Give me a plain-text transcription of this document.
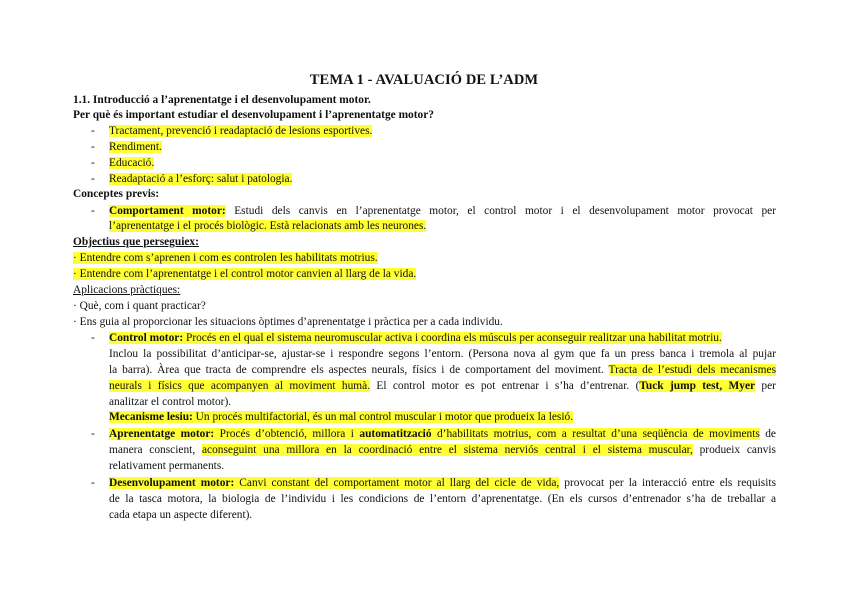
TEMA 1 - AVALUACIÓ DE L’ADM
1.1. Introducció a l’aprenentatge i el desenvolupament motor.
Per què és important estudiar el desenvolupament i l’aprenentatge motor?
- Tractament, prevenció i readaptació de lesions esportives.
- Rendiment.
- Educació.
- Readaptació a l’esforç: salut i patologia.
Conceptes previs:
- Comportament motor: Estudi dels canvis en l’aprenentatge motor, el control motor i el desenvolupament motor provocat per
l’aprenentatge i el procés biològic. Està relacionats amb les neurones.
Objectius que perseguiex:
· Entendre com s’aprenen i com es controlen les habilitats motrius.
· Entendre com l’aprenentatge i el control motor canvien al llarg de la vida.
Aplicacions pràctiques:
· Què, com i quant practicar?
· Ens guia al proporcionar les situacions òptimes d’aprenentatge i pràctica per a cada individu.
- Control motor: Procés en el qual el sistema neuromuscular activa i coordina els músculs per aconseguir realitzar una habilitat motriu.
Inclou la possibilitat d’anticipar-se, ajustar-se i respondre segons l’entorn. (Persona nova al gym que fa un press banca i tremola al pujar
la barra). Àrea que tracta de comprendre els aspectes neurals, físics i de comportament del moviment. Tracta de l’estudi dels mecanismes
neurals i físics que acompanyen al moviment humà. El control motor es pot entrenar i s’ha d’entrenar. (Tuck jump test, Myer per
analitzar el control motor).
Mecanisme lesiu: Un procés multifactorial, és un mal control muscular i motor que produeix la lesió.
- Aprenentatge motor: Procés d’obtenció, millora i automatització d’habilitats motrius, com a resultat d’una seqüència de moviments de
manera conscient, aconseguint una millora en la coordinació entre el sistema nerviós central i el sistema muscular, produeix canvis
relativament permanents.
- Desenvolupament motor: Canvi constant del comportament motor al llarg del cicle de vida, provocat per la interacció entre els requisits
de la tasca motora, la biologia de l’individu i les condicions de l’entorn d’aprenentatge. (En els cursos d’entrenador s’ha de treballar a
cada etapa un aspecte diferent).
